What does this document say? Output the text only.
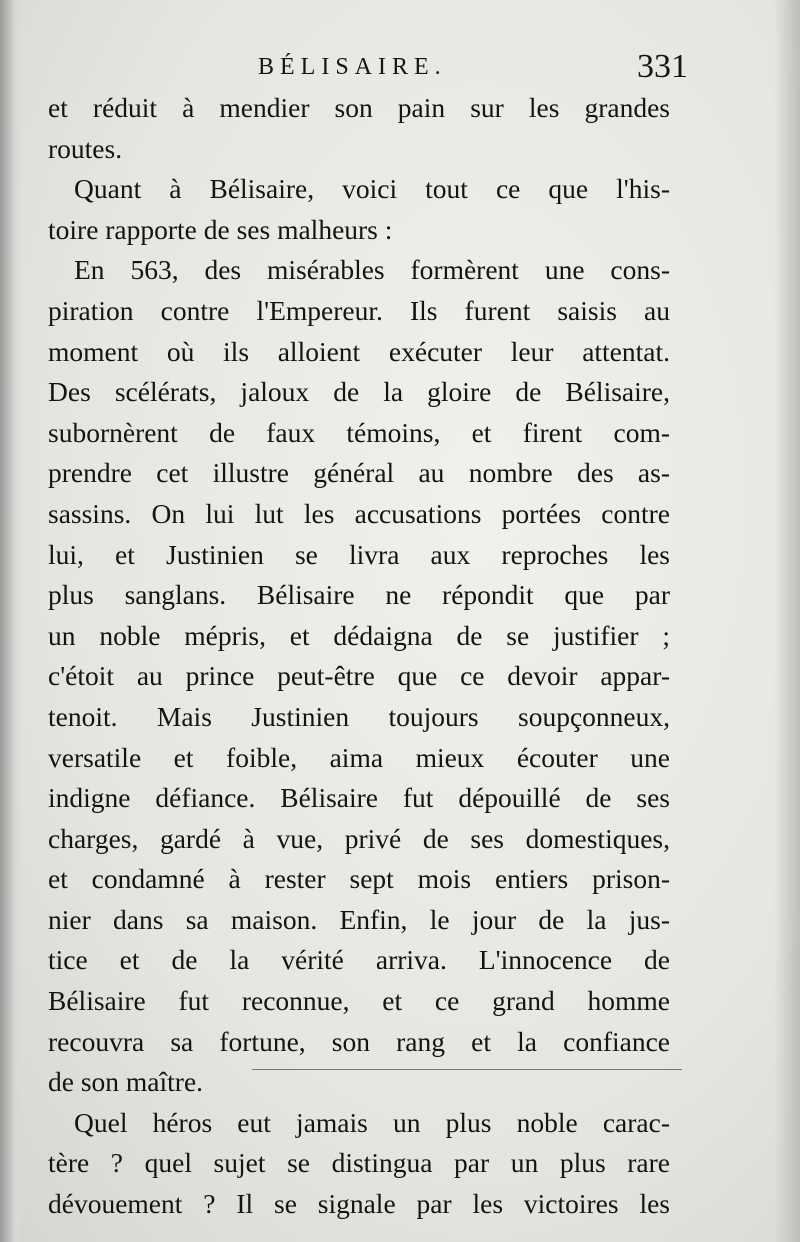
BÉLISAIRE.	331
et réduit à mendier son pain sur les grandes
routes.
Quant à Bélisaire, voici tout ce que l'his-
toire rapporte de ses malheurs :
En 563, des misérables formèrent une cons-
piration contre l'Empereur. Ils furent saisis au
moment où ils alloient exécuter leur attentat.
Des scélérats, jaloux de la gloire de Bélisaire,
subornèrent de faux témoins, et firent com-
prendre cet illustre général au nombre des as-
sassins. On lui lut les accusations portées contre
lui, et Justinien se livra aux reproches les
plus sanglans. Bélisaire ne répondit que par
un noble mépris, et dédaigna de se justifier ;
c'étoit au prince peut-être que ce devoir appar-
tenoit. Mais Justinien toujours soupçonneux,
versatile et foible, aima mieux écouter une
indigne défiance. Bélisaire fut dépouillé de ses
charges, gardé à vue, privé de ses domestiques,
et condamné à rester sept mois entiers prison-
nier dans sa maison. Enfin, le jour de la jus-
tice et de la vérité arriva. L'innocence de
Bélisaire fut reconnue, et ce grand homme
recouvra sa fortune, son rang et la confiance
de son maître.
Quel héros eut jamais un plus noble carac-
tère ? quel sujet se distingua par un plus rare
dévouement ? Il se signale par les victoires les
